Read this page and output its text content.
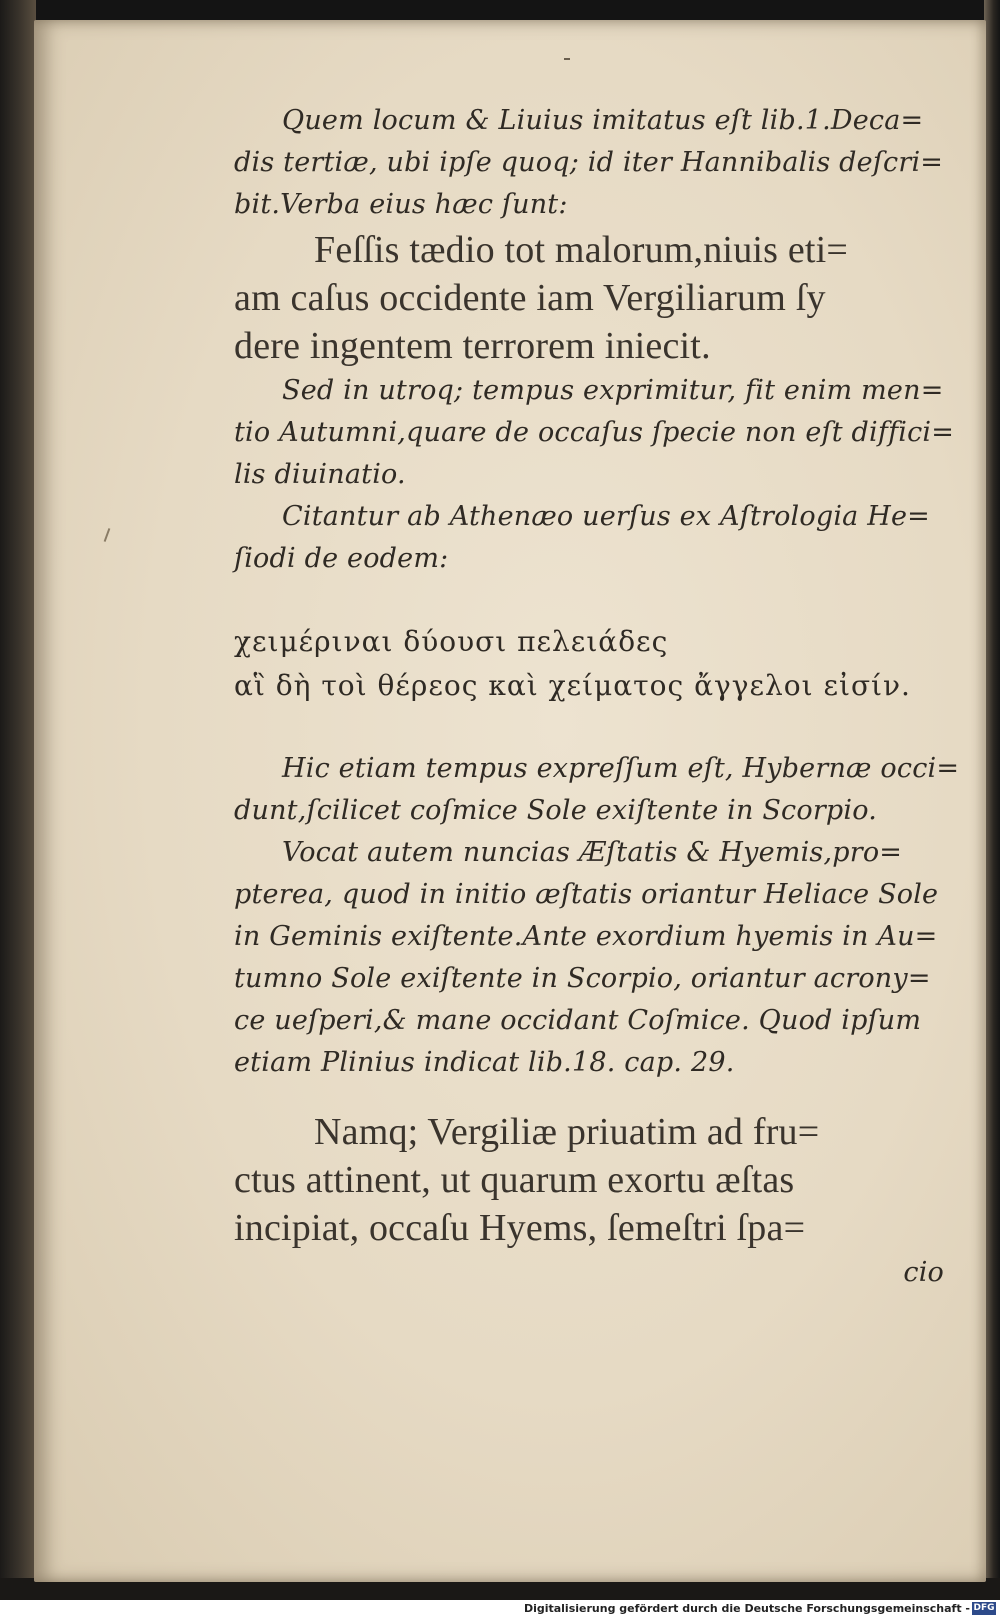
Quem locum & Liuius imitatus eſt lib.1.Deca=

dis tertiæ, ubi ipſe quoq; id iter Hannibalis deſcri=

bit.Verba eius hæc ſunt:

Feſſis tædio tot malorum,niuis eti=

am caſus occidente iam Vergiliarum ſy

dere ingentem terrorem iniecit.

Sed in utroq; tempus exprimitur, fit enim men=

tio Autumni,quare de occaſus ſpecie non eſt diffici=

lis diuinatio.

Citantur ab Athenæo uerſus ex Aſtrologia He=

ſiodi de eodem:

χειμέριναι δύουσι πελειάδες

αἳ δὴ τοὶ θέρεος καὶ χείματος ἄγγελοι εἰσίν.

Hic etiam tempus expreſſum eſt, Hybernæ occi=

dunt,ſcilicet coſmice Sole exiſtente in Scorpio.

Vocat autem nuncias Æſtatis & Hyemis,pro=

pterea, quod in initio æſtatis oriantur Heliace Sole

in Geminis exiſtente.Ante exordium hyemis in Au=

tumno Sole exiſtente in Scorpio, oriantur acrony=

ce ueſperi,& mane occidant Coſmice. Quod ipſum

etiam Plinius indicat lib.18. cap. 29.

Namq; Vergiliæ priuatim ad fru=

ctus attinent, ut quarum exortu æſtas

incipiat, occaſu Hyems, ſemeſtri ſpa=

cio

Digitalisierung gefördert durch die Deutsche Forschungsgemeinschaft - DFG
